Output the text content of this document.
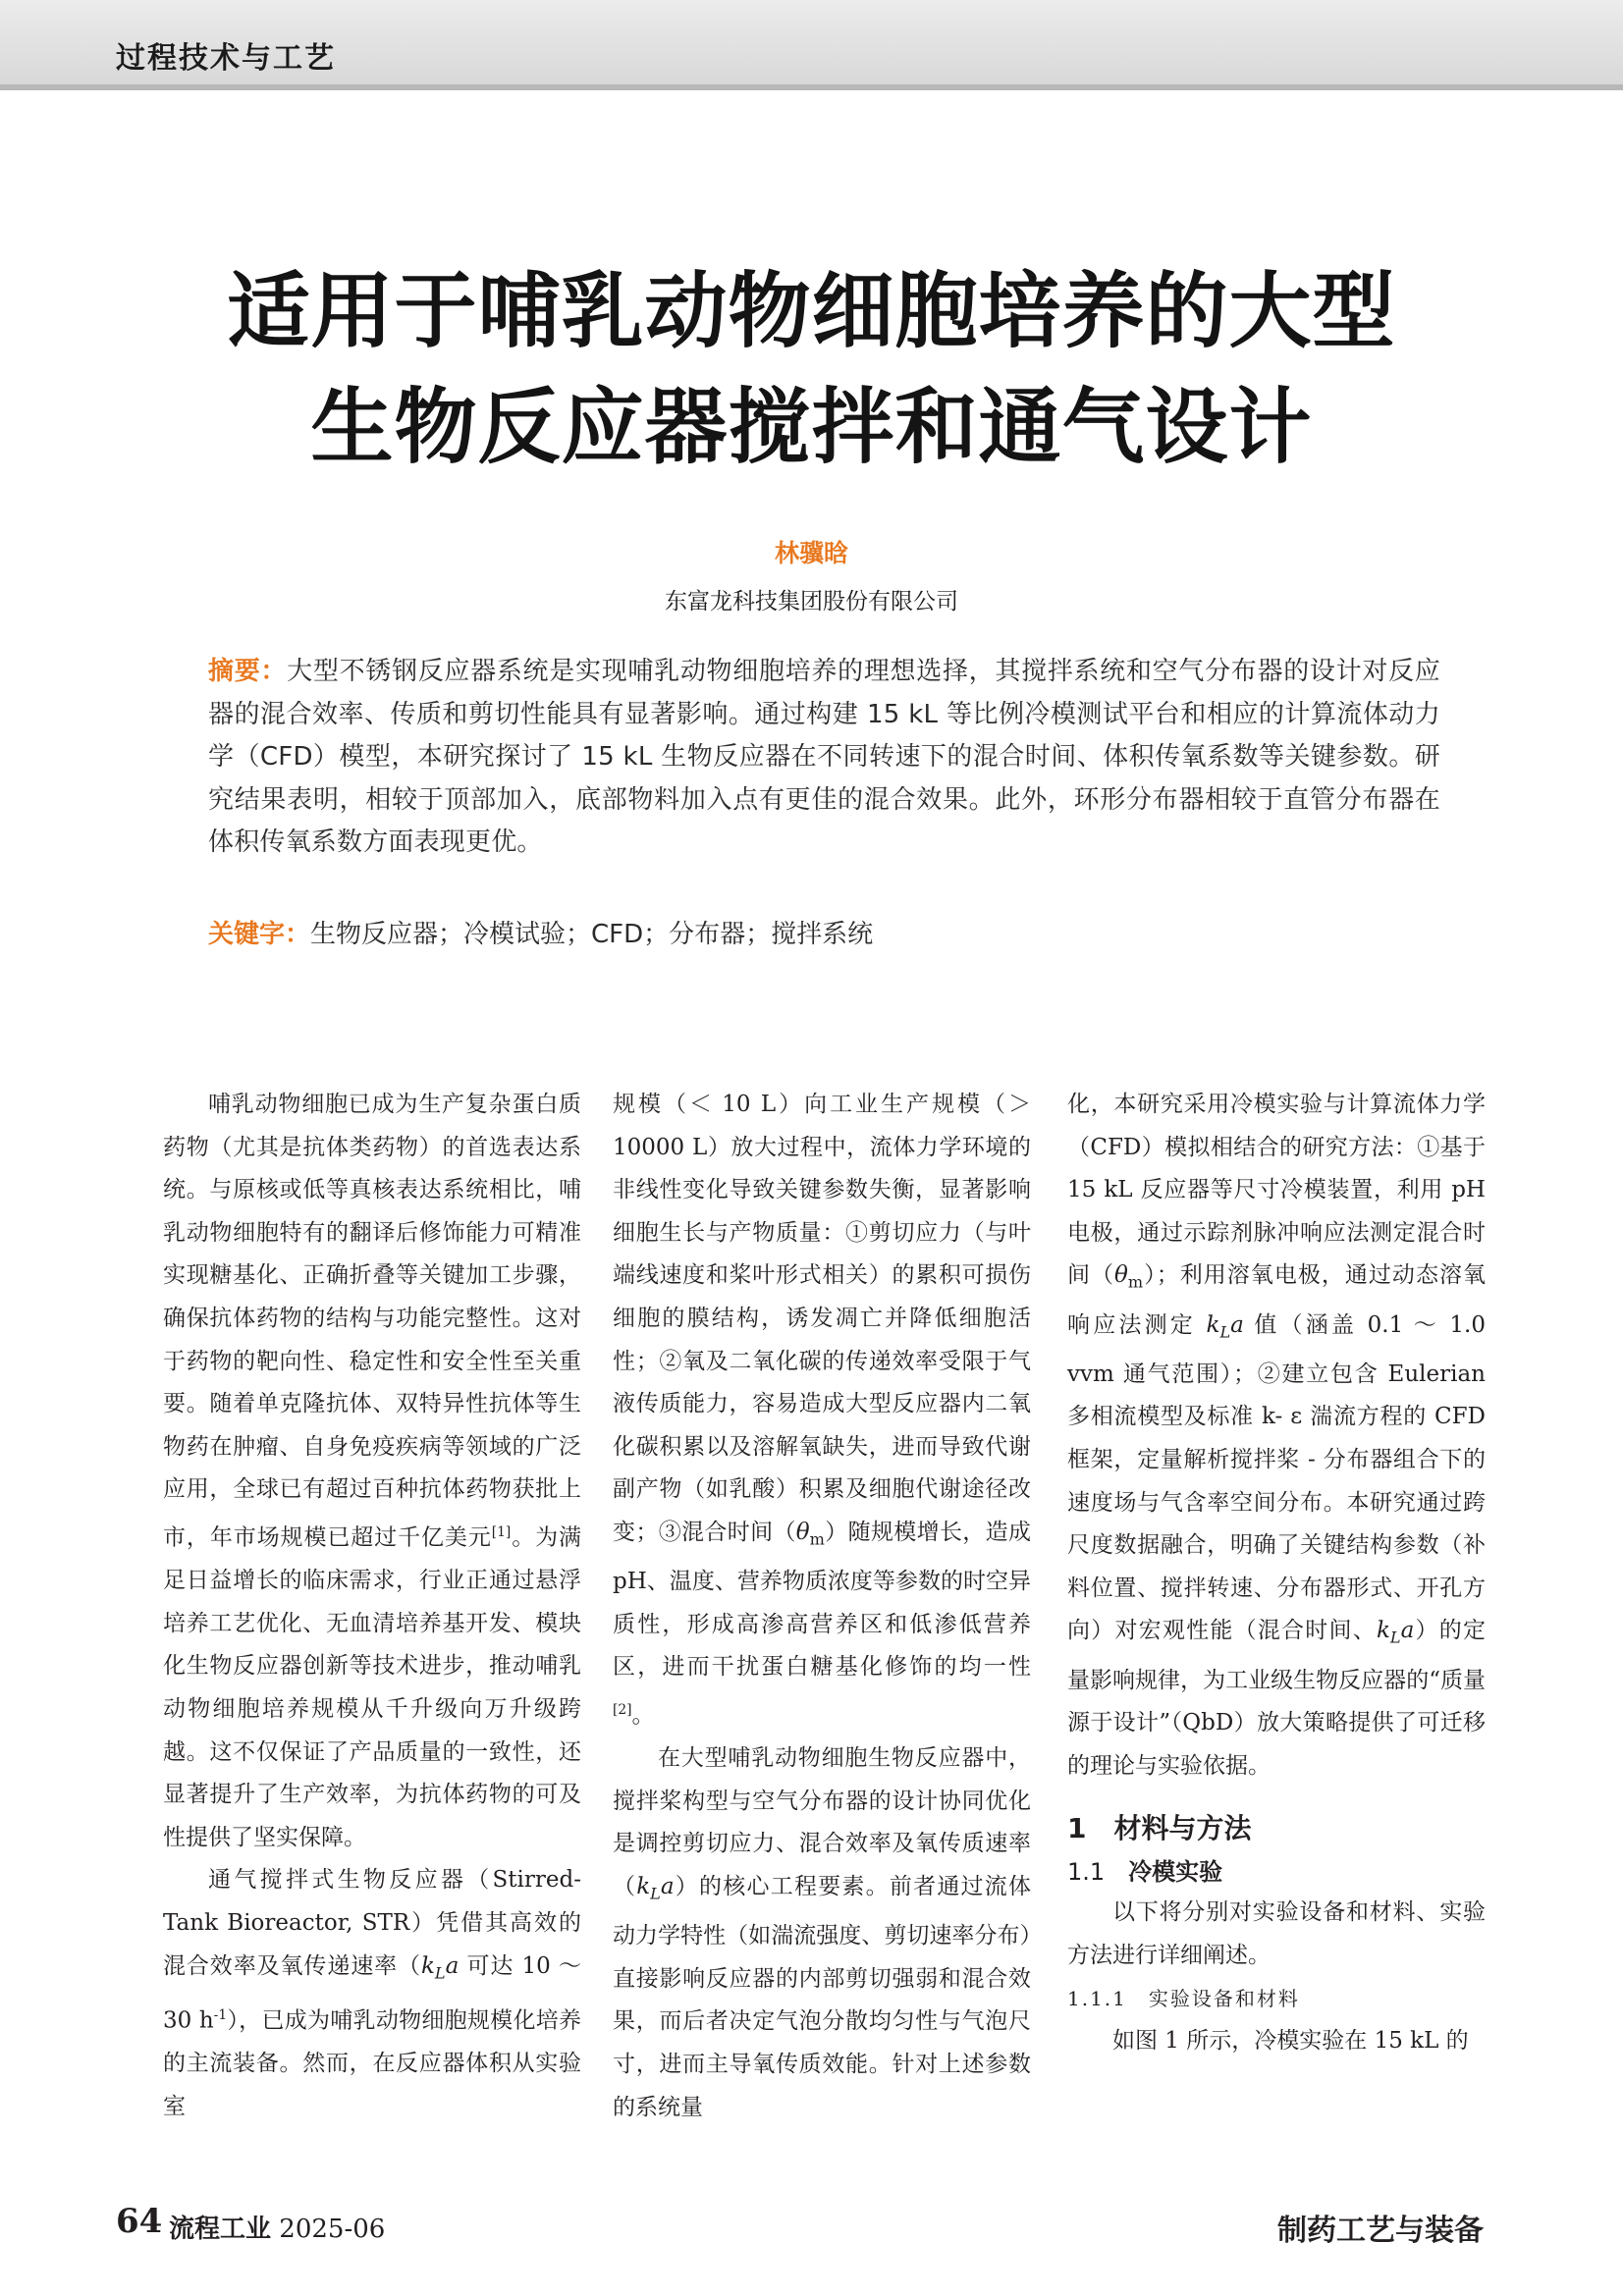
过程技术与工艺
适用于哺乳动物细胞培养的大型
生物反应器搅拌和通气设计
林骥晗
东富龙科技集团股份有限公司
摘要：大型不锈钢反应器系统是实现哺乳动物细胞培养的理想选择，其搅拌系统和空气分布器的设计对反应器的混合效率、传质和剪切性能具有显著影响。通过构建 15 kL 等比例冷模测试平台和相应的计算流体动力学（CFD）模型，本研究探讨了 15 kL 生物反应器在不同转速下的混合时间、体积传氧系数等关键参数。研究结果表明，相较于顶部加入，底部物料加入点有更佳的混合效果。此外，环形分布器相较于直管分布器在体积传氧系数方面表现更优。
关键字：生物反应器；冷模试验；CFD；分布器；搅拌系统

哺乳动物细胞已成为生产复杂蛋白质药物（尤其是抗体类药物）的首选表达系统。与原核或低等真核表达系统相比，哺乳动物细胞特有的翻译后修饰能力可精准实现糖基化、正确折叠等关键加工步骤，确保抗体药物的结构与功能完整性。这对于药物的靶向性、稳定性和安全性至关重要。随着单克隆抗体、双特异性抗体等生物药在肿瘤、自身免疫疾病等领域的广泛应用，全球已有超过百种抗体药物获批上市，年市场规模已超过千亿美元[1]。为满足日益增长的临床需求，行业正通过悬浮培养工艺优化、无血清培养基开发、模块化生物反应器创新等技术进步，推动哺乳动物细胞培养规模从千升级向万升级跨越。这不仅保证了产品质量的一致性，还显著提升了生产效率，为抗体药物的可及性提供了坚实保障。

通气搅拌式生物反应器（Stirred-Tank Bioreactor, STR）凭借其高效的混合效率及氧传递速率（$k_La$ 可达 10 ～ 30 $h^{-1}$），已成为哺乳动物细胞规模化培养的主流装备。然而，在反应器体积从实验室

规模（＜ 10 L）向工业生产规模（＞ 10000 L）放大过程中，流体力学环境的非线性变化导致关键参数失衡，显著影响细胞生长与产物质量：①剪切应力（与叶端线速度和桨叶形式相关）的累积可损伤细胞的膜结构，诱发凋亡并降低细胞活性；②氧及二氧化碳的传递效率受限于气液传质能力，容易造成大型反应器内二氧化碳积累以及溶解氧缺失，进而导致代谢副产物（如乳酸）积累及细胞代谢途径改变；③混合时间$(\theta_m)$随规模增长，造成 pH、温度、营养物质浓度等参数的时空异质性，形成高渗高营养区和低渗低营养区，进而干扰蛋白糖基化修饰的均一性[2]。

在大型哺乳动物细胞生物反应器中，搅拌桨构型与空气分布器的设计协同优化是调控剪切应力、混合效率及氧传质速率$(k_La)$的核心工程要素。前者通过流体动力学特性（如湍流强度、剪切速率分布）直接影响反应器的内部剪切强弱和混合效果，而后者决定气泡分散均匀性与气泡尺寸，进而主导氧传质效能。针对上述参数的系统量

化，本研究采用冷模实验与计算流体力学（CFD）模拟相结合的研究方法：①基于 15 kL 反应器等尺寸冷模装置，利用 pH 电极，通过示踪剂脉冲响应法测定混合时间$(\theta_m)$；利用溶氧电极，通过动态溶氧响应法测定 $k_La$ 值（涵盖 0.1 ～ 1.0 vvm 通气范围）；②建立包含 Eulerian 多相流模型及标准 k- ε 湍流方程的 CFD 框架，定量解析搅拌桨 - 分布器组合下的速度场与气含率空间分布。本研究通过跨尺度数据融合，明确了关键结构参数（补料位置、搅拌转速、分布器形式、开孔方向）对宏观性能（混合时间、$k_La$）的定量影响规律，为工业级生物反应器的“质量源于设计”（QbD）放大策略提供了可迁移的理论与实验依据。

1　材料与方法

1.1　冷模实验

以下将分别对实验设备和材料、实验方法进行详细阐述。

1.1.1　实验设备和材料

如图 1 所示，冷模实验在 15 kL 的

64 流程工业 2025-06	制药工艺与装备
